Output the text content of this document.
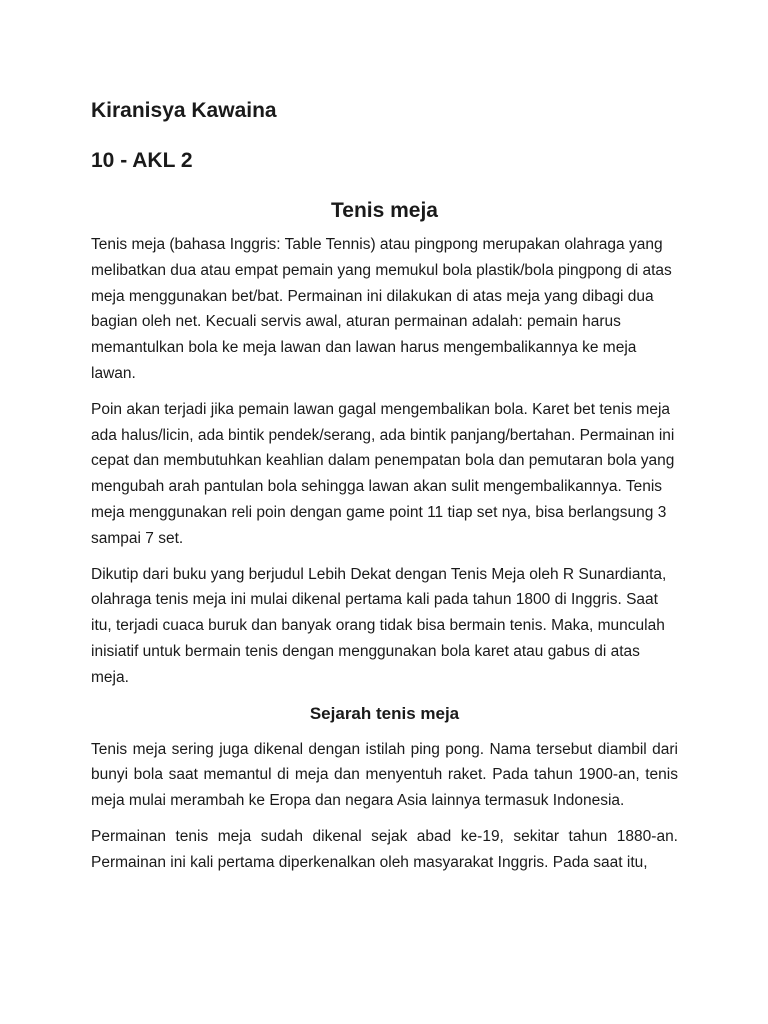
Kiranisya Kawaina

10 - AKL 2

Tenis meja

Tenis meja (bahasa Inggris: Table Tennis) atau pingpong merupakan olahraga yang melibatkan dua atau empat pemain yang memukul bola plastik/bola pingpong di atas meja menggunakan bet/bat. Permainan ini dilakukan di atas meja yang dibagi dua bagian oleh net. Kecuali servis awal, aturan permainan adalah: pemain harus memantulkan bola ke meja lawan dan lawan harus mengembalikannya ke meja lawan.

Poin akan terjadi jika pemain lawan gagal mengembalikan bola. Karet bet tenis meja ada halus/licin, ada bintik pendek/serang, ada bintik panjang/bertahan. Permainan ini cepat dan membutuhkan keahlian dalam penempatan bola dan pemutaran bola yang mengubah arah pantulan bola sehingga lawan akan sulit mengembalikannya. Tenis meja menggunakan reli poin dengan game point 11 tiap set nya, bisa berlangsung 3 sampai 7 set.

Dikutip dari buku yang berjudul Lebih Dekat dengan Tenis Meja oleh R Sunardianta, olahraga tenis meja ini mulai dikenal pertama kali pada tahun 1800 di Inggris. Saat itu, terjadi cuaca buruk dan banyak orang tidak bisa bermain tenis. Maka, munculah inisiatif untuk bermain tenis dengan menggunakan bola karet atau gabus di atas meja.

Sejarah tenis meja

Tenis meja sering juga dikenal dengan istilah ping pong. Nama tersebut diambil dari bunyi bola saat memantul di meja dan menyentuh raket. Pada tahun 1900-an, tenis meja mulai merambah ke Eropa dan negara Asia lainnya termasuk Indonesia.

Permainan tenis meja sudah dikenal sejak abad ke-19, sekitar tahun 1880-an. Permainan ini kali pertama diperkenalkan oleh masyarakat Inggris. Pada saat itu,
